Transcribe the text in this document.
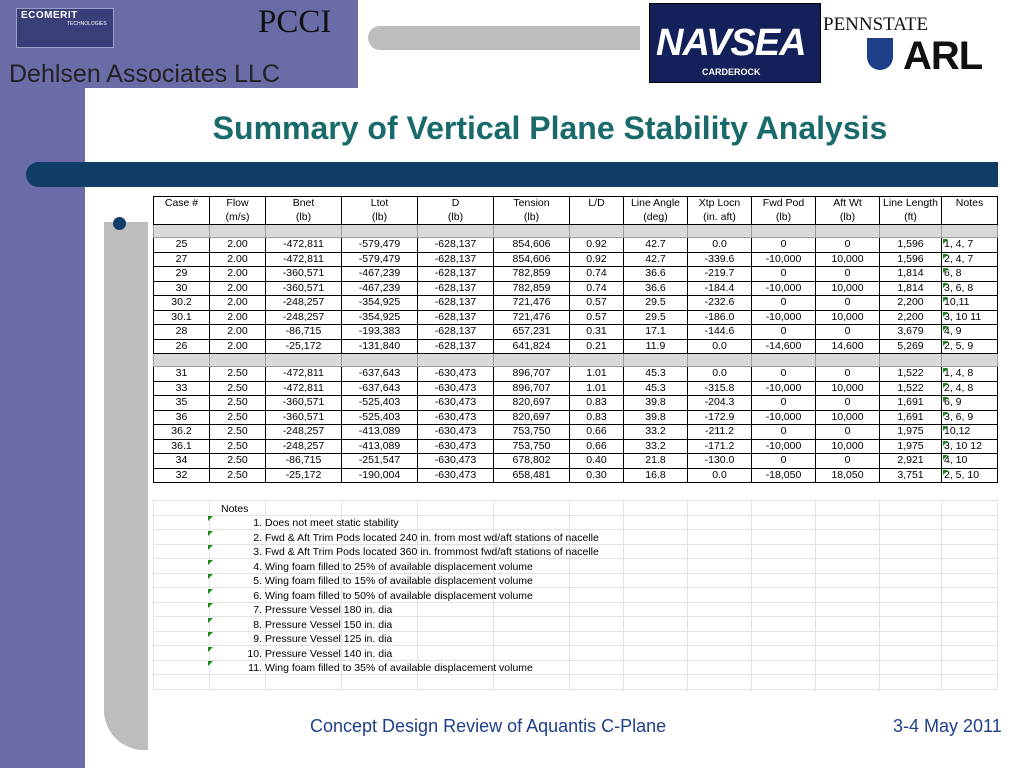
ECOMERIT
TECHNOLOGIES	PCCI
Dehlsen Associates LLC
NAVSEA
CARDEROCK
PENNSTATE
ARL
Summary of Vertical Plane Stability Analysis
Case #	Flow	Bnet	Ltot	D	Tension	L/D	Line Angle	Xtp Locn	Fwd Pod	Aft Wt	Line Length	Notes
	(m/s)	(lb)	(lb)	(lb)	(lb)		(deg)	(in. aft)	(lb)	(lb)	(ft)	

25	2.00	-472,811	-579,479	-628,137	854,606	0.92	42.7	0.0	0	0	1,596	1, 4, 7
27	2.00	-472,811	-579,479	-628,137	854,606	0.92	42.7	-339.6	-10,000	10,000	1,596	2, 4, 7
29	2.00	-360,571	-467,239	-628,137	782,859	0.74	36.6	-219.7	0	0	1,814	6, 8
30	2.00	-360,571	-467,239	-628,137	782,859	0.74	36.6	-184.4	-10,000	10,000	1,814	3, 6, 8
30.2	2.00	-248,257	-354,925	-628,137	721,476	0.57	29.5	-232.6	0	0	2,200	10,11
30.1	2.00	-248,257	-354,925	-628,137	721,476	0.57	29.5	-186.0	-10,000	10,000	2,200	3, 10 11
28	2.00	-86,715	-193,383	-628,137	657,231	0.31	17.1	-144.6	0	0	3,679	4, 9
26	2.00	-25,172	-131,840	-628,137	641,824	0.21	11.9	0.0	-14,600	14,600	5,269	2, 5, 9

31	2.50	-472,811	-637,643	-630,473	896,707	1.01	45.3	0.0	0	0	1,522	1, 4, 8
33	2.50	-472,811	-637,643	-630,473	896,707	1.01	45.3	-315.8	-10,000	10,000	1,522	2, 4, 8
35	2.50	-360,571	-525,403	-630,473	820,697	0.83	39.8	-204.3	0	0	1,691	6, 9
36	2.50	-360,571	-525,403	-630,473	820,697	0.83	39.8	-172.9	-10,000	10,000	1,691	3, 6, 9
36.2	2.50	-248,257	-413,089	-630,473	753,750	0.66	33.2	-211.2	0	0	1,975	10,12
36.1	2.50	-248,257	-413,089	-630,473	753,750	0.66	33.2	-171.2	-10,000	10,000	1,975	3, 10 12
34	2.50	-86,715	-251,547	-630,473	678,802	0.40	21.8	-130.0	0	0	2,921	4, 10
32	2.50	-25,172	-190,004	-630,473	658,481	0.30	16.8	0.0	-18,050	18,050	3,751	2, 5, 10
Notes
1. Does not meet static stability
2. Fwd & Aft Trim Pods located 240 in. from most wd/aft stations of nacelle
3. Fwd & Aft Trim Pods located 360 in. frommost fwd/aft stations of nacelle
4. Wing foam filled to 25% of available displacement volume
5. Wing foam filled to 15% of available displacement volume
6. Wing foam filled to 50% of available displacement volume
7. Pressure Vessel 180 in. dia
8. Pressure Vessel 150 in. dia
9. Pressure Vessel 125 in. dia
10. Pressure Vessel 140 in. dia
11. Wing foam filled to 35% of available displacement volume
Concept Design Review of Aquantis C-Plane	3-4 May 2011
